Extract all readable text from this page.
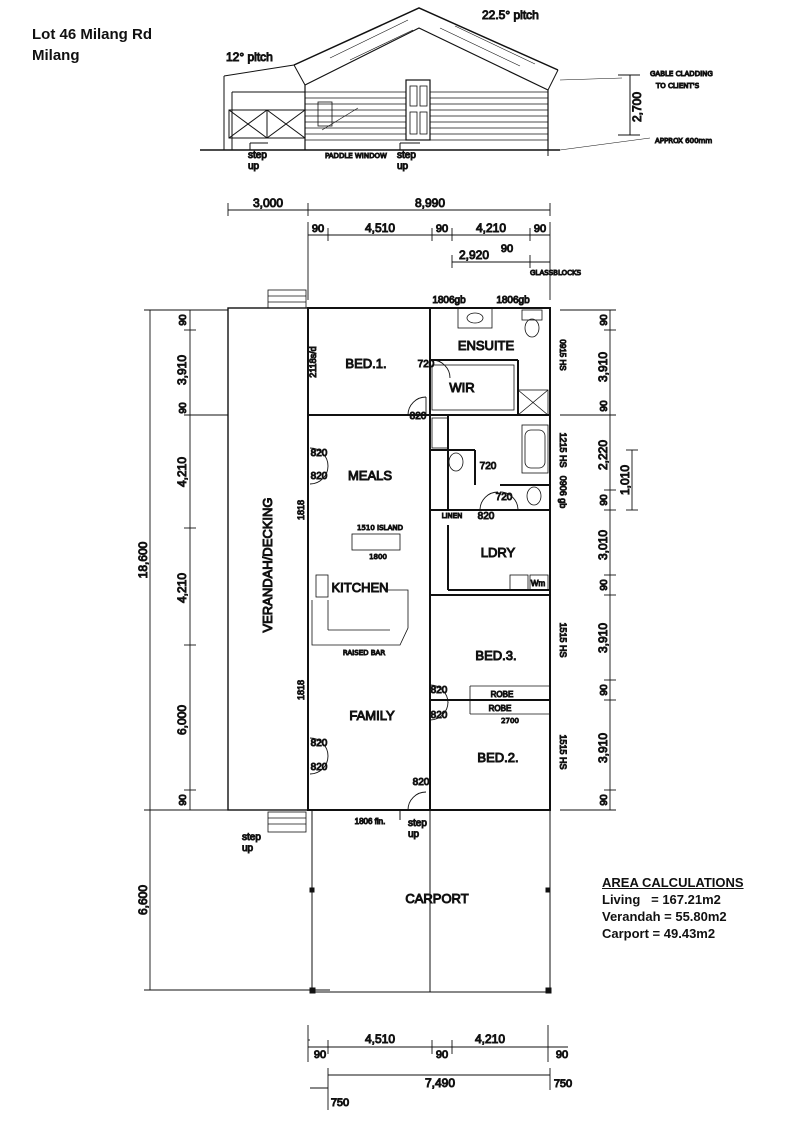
Lot 46 Milang Rd
Milang
22.5° pitch
12° pitch
2,700
step
up
step
up
GABLE CLADDING
TO CLIENT'S
APPROX 600mm
PADDLE WINDOW
3,000	8,990
90	4,510	90 4,210	90
2,920 90
18,600
6,600
90
3,910
90
4,210
4,210
6,000
90
90
3,910
90
2,220
1,010
90
3,010
90
3,910
90
3,910
90
90
4,510
90
4,210
90
7,490	750
750
VERANDAH/DECKING
BED.1.
ENSUITE
WIR
MEALS
KITCHEN
FAMILY
LDRY
BED.3.
BED.2.
CARPORT
ROBE
ROBE
1806gb	1806gb
GLASSBLOCKS
2118s/d	720
720
720
820
820
820
820
820
820
820
820
820
1818
1818
1215 HS
0906 gb
1515 HS
1515 HS
0915 HS
1806 fin.
1510 ISLAND
1800
RAISED BAR
LINEN
Wm
2700
step
up
step
up
AREA CALCULATIONS
Living   = 167.21m2
Verandah = 55.80m2
Carport = 49.43m2
